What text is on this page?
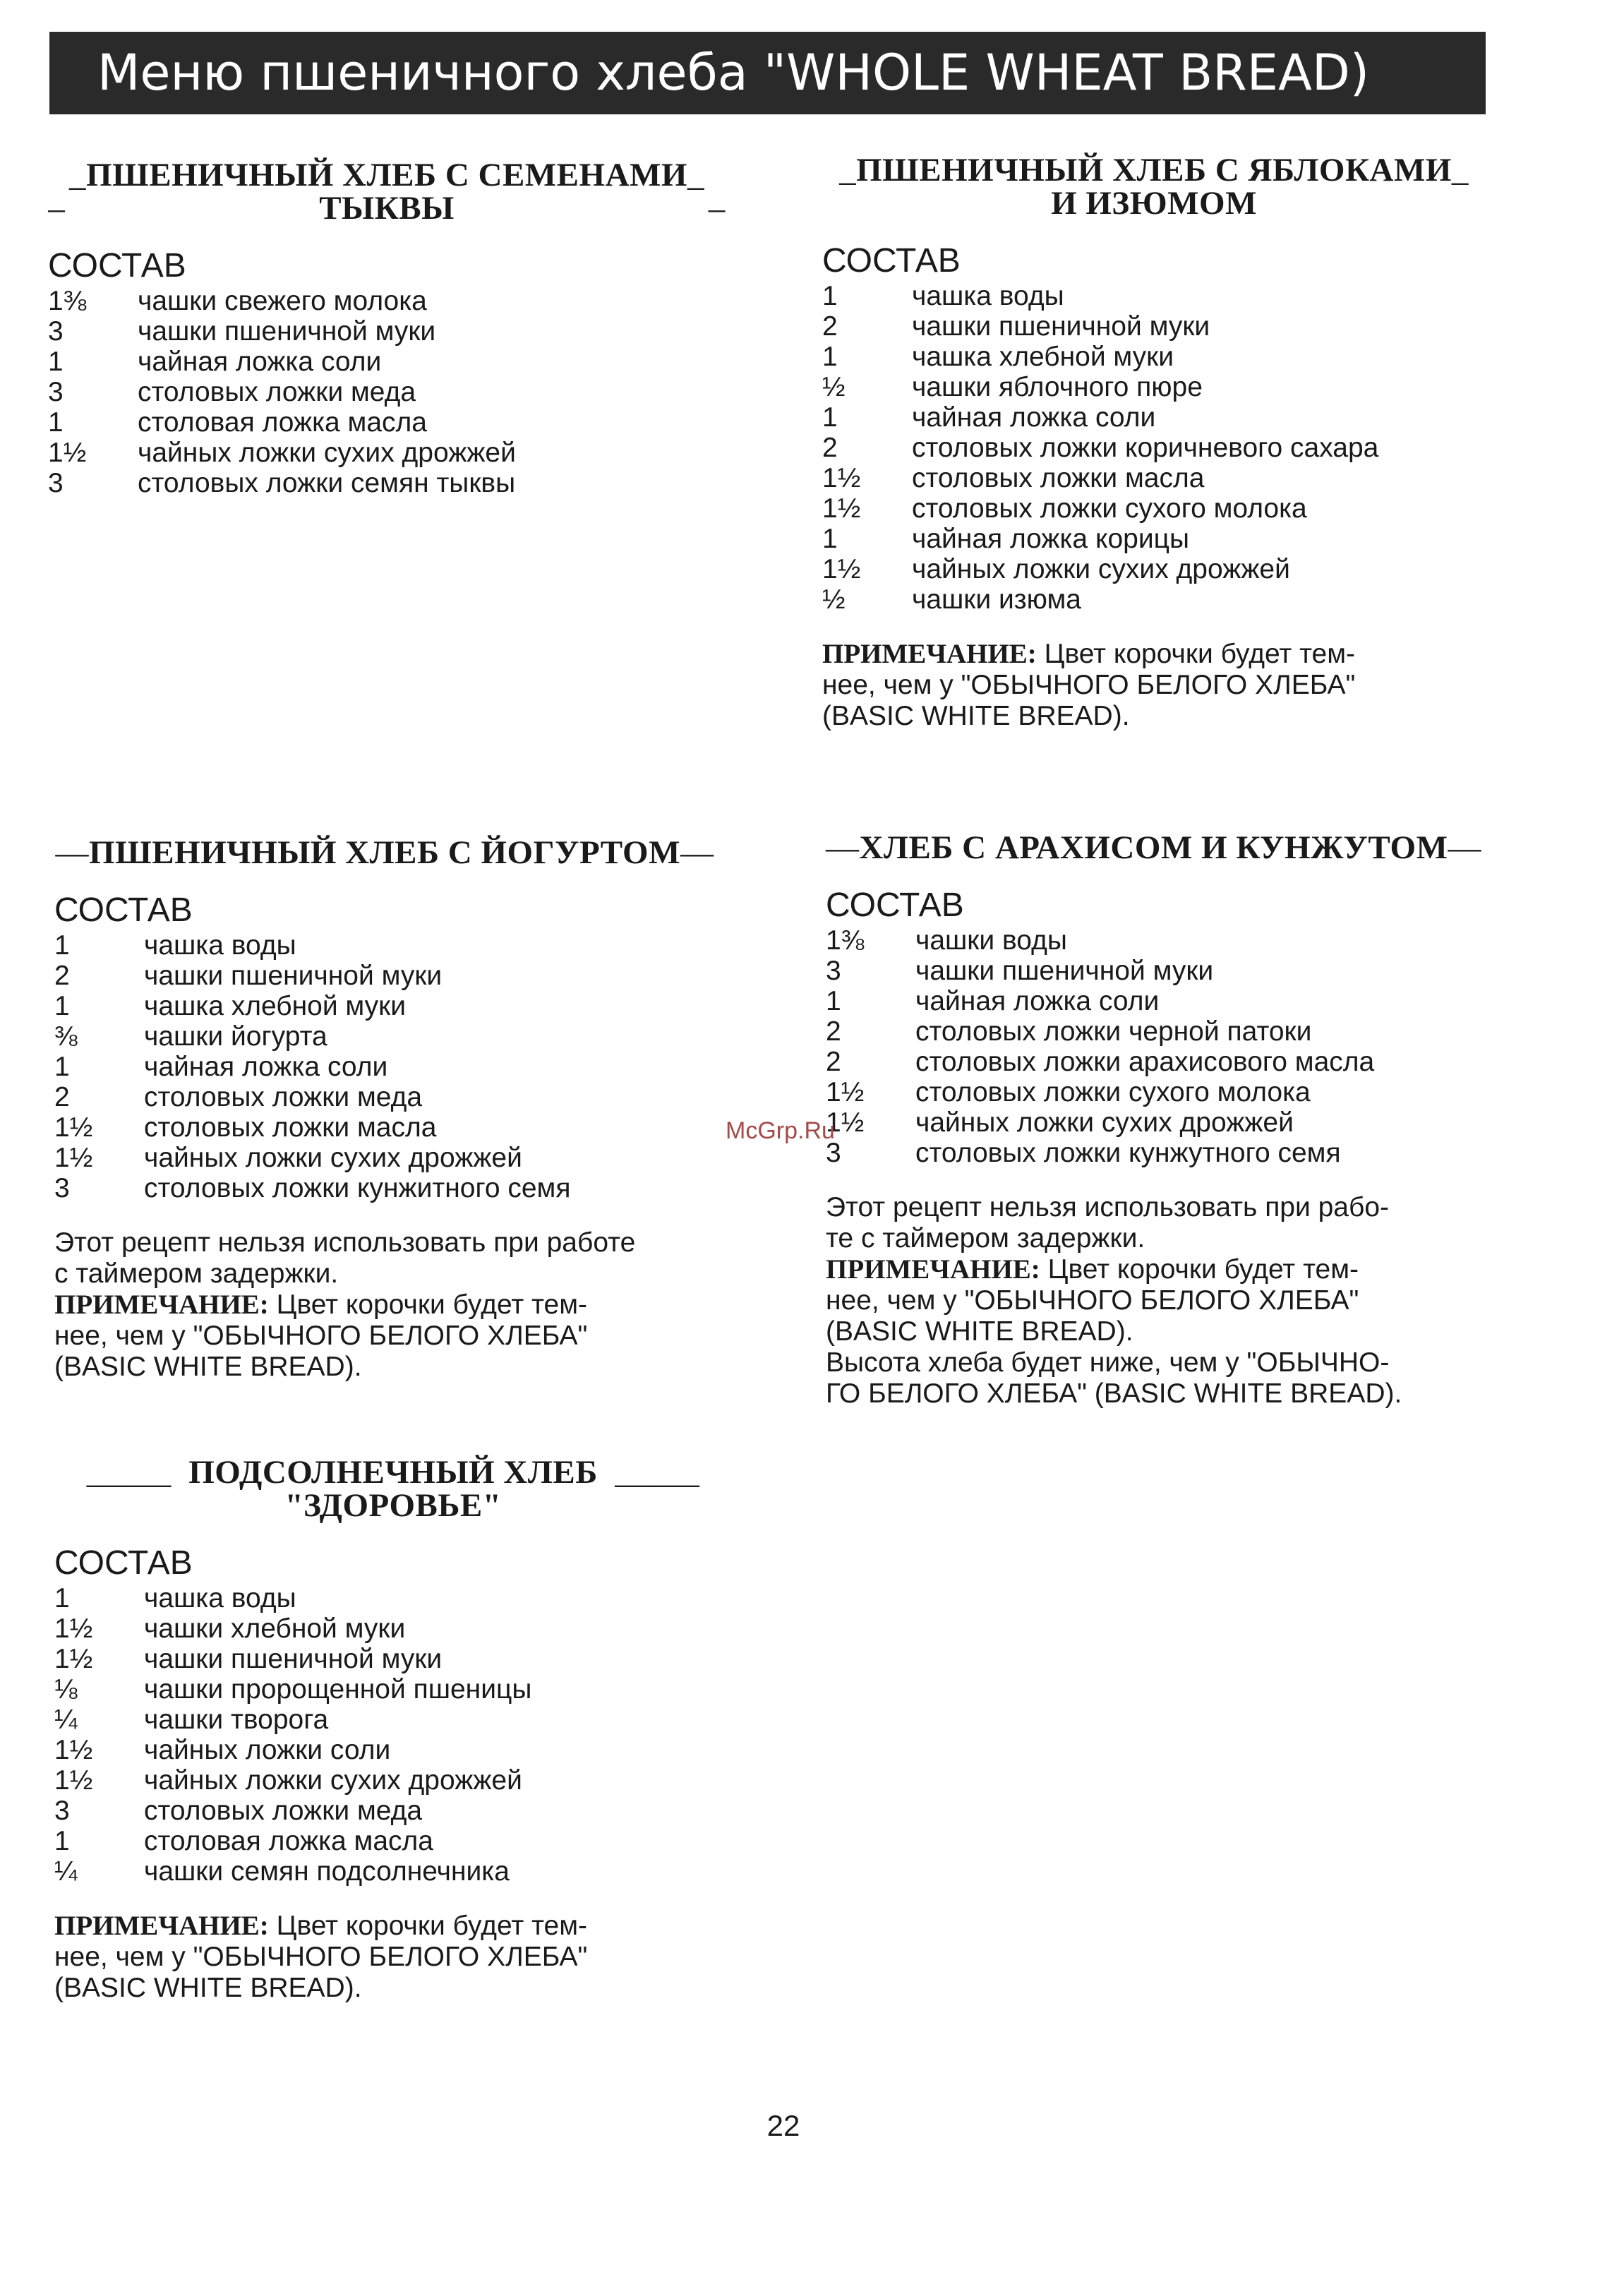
Меню пшеничного хлеба "WHOLE WHEAT BREAD)
_ПШЕНИЧНЫЙ ХЛЕБ С СЕМЕНАМИ_
–	ТЫКВЫ	–
СОСТАВ
1⅜	чашки свежего молока
3	чашки пшеничной муки
1	чайная ложка соли
3	столовых ложки меда
1	столовая ложка масла
1½	чайных ложки сухих дрожжей
3	столовых ложки семян тыквы
_ПШЕНИЧНЫЙ ХЛЕБ С ЯБЛОКАМИ_
И ИЗЮМОМ
СОСТАВ
1	чашка воды
2	чашки пшеничной муки
1	чашка хлебной муки
½	чашки яблочного пюре
1	чайная ложка соли
2	столовых ложки коричневого сахара
1½	столовых ложки масла
1½	столовых ложки сухого молока
1	чайная ложка корицы
1½	чайных ложки сухих дрожжей
½	чашки изюма
ПРИМЕЧАНИЕ: Цвет корочки будет тем-
нее, чем у "ОБЫЧНОГО БЕЛОГО ХЛЕБА"
(BASIC WHITE BREAD).
—ПШЕНИЧНЫЙ ХЛЕБ С ЙОГУРТОМ—
СОСТАВ
1	чашка воды
2	чашки пшеничной муки
1	чашка хлебной муки
⅜	чашки йогурта
1	чайная ложка соли
2	столовых ложки меда
1½	столовых ложки масла
1½	чайных ложки сухих дрожжей
3	столовых ложки кунжитного семя
Этот рецепт нельзя использовать при работе
с таймером задержки.
ПРИМЕЧАНИЕ: Цвет корочки будет тем-
нее, чем у "ОБЫЧНОГО БЕЛОГО ХЛЕБА"
(BASIC WHITE BREAD).
—ХЛЕБ С АРАХИСОМ И КУНЖУТОМ—
СОСТАВ
1⅜	чашки воды
3	чашки пшеничной муки
1	чайная ложка соли
2	столовых ложки черной патоки
2	столовых ложки арахисового масла
1½	столовых ложки сухого молока
1½	чайных ложки сухих дрожжей
3	столовых ложки кунжутного семя
Этот рецепт нельзя использовать при рабо-
те с таймером задержки.
ПРИМЕЧАНИЕ: Цвет корочки будет тем-
нее, чем у "ОБЫЧНОГО БЕЛОГО ХЛЕБА"
(BASIC WHITE BREAD).
Высота хлеба будет ниже, чем у "ОБЫЧНО-
ГО БЕЛОГО ХЛЕБА" (BASIC WHITE BREAD).
_____ ПОДСОЛНЕЧНЫЙ ХЛЕБ _____
"ЗДОРОВЬЕ"
СОСТАВ
1	чашка воды
1½	чашки хлебной муки
1½	чашки пшеничной муки
⅛	чашки пророщенной пшеницы
¼	чашки творога
1½	чайных ложки соли
1½	чайных ложки сухих дрожжей
3	столовых ложки меда
1	столовая ложка масла
¼	чашки семян подсолнечника
ПРИМЕЧАНИЕ: Цвет корочки будет тем-
нее, чем у "ОБЫЧНОГО БЕЛОГО ХЛЕБА"
(BASIC WHITE BREAD).
McGrp.Ru
22
